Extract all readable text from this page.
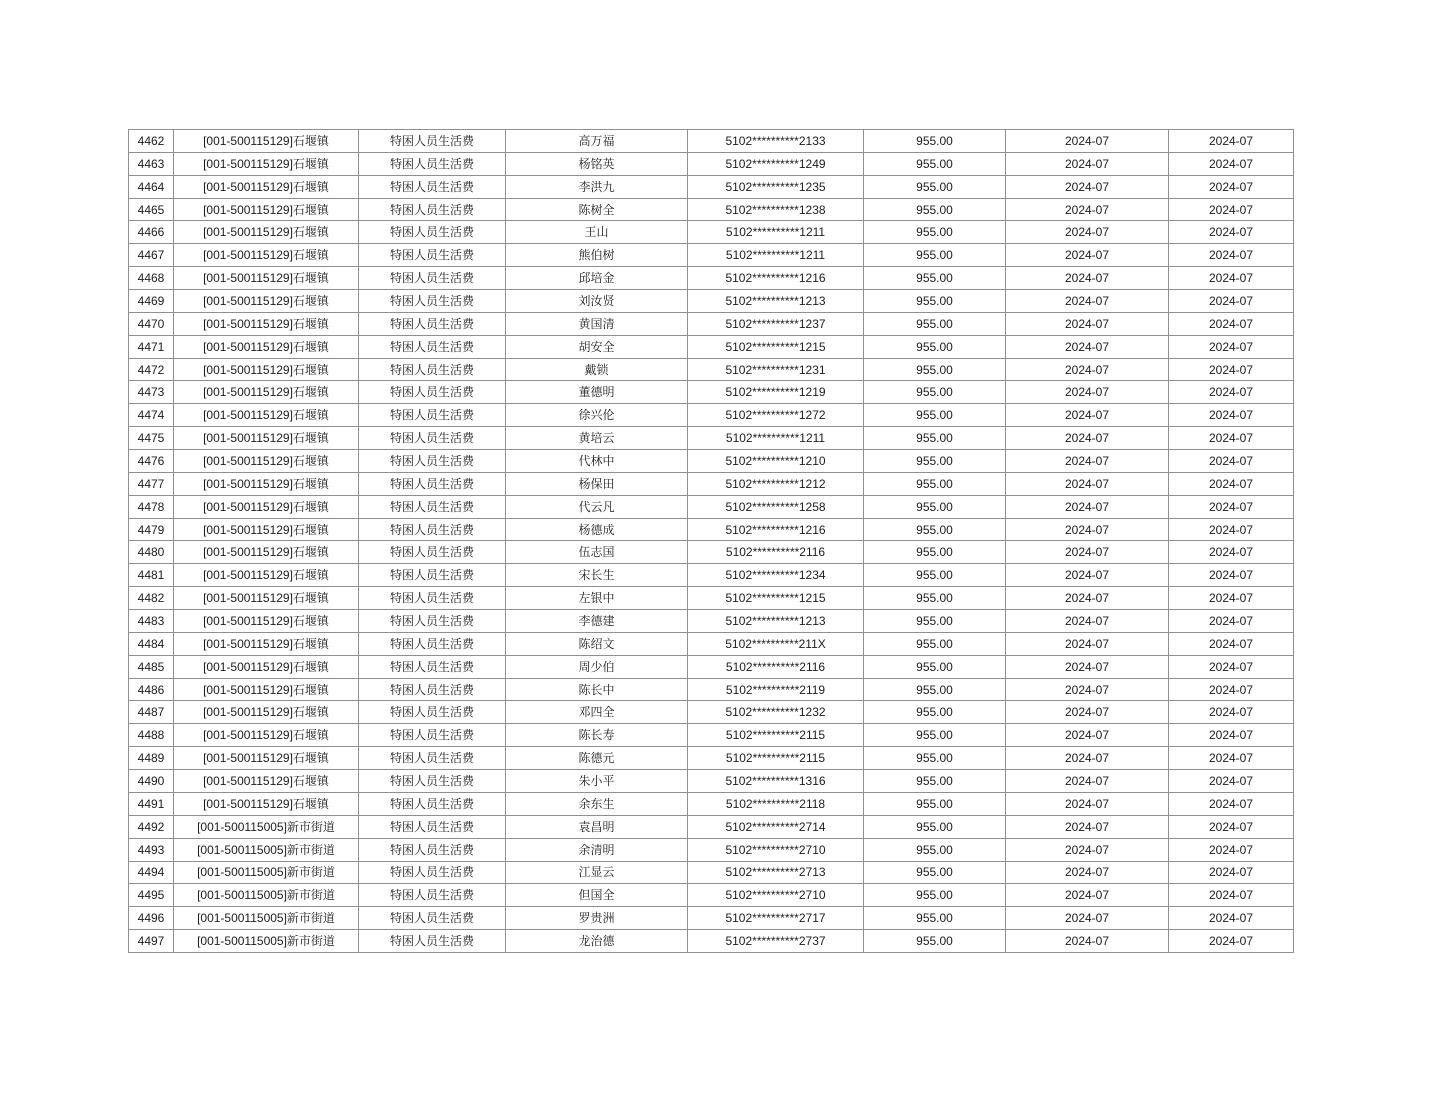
4462	[001-500115129]石堰镇	特困人员生活费	高万福	5102**********2133	955.00	2024-07	2024-07
4463	[001-500115129]石堰镇	特困人员生活费	杨铭英	5102**********1249	955.00	2024-07	2024-07
4464	[001-500115129]石堰镇	特困人员生活费	李洪九	5102**********1235	955.00	2024-07	2024-07
4465	[001-500115129]石堰镇	特困人员生活费	陈树全	5102**********1238	955.00	2024-07	2024-07
4466	[001-500115129]石堰镇	特困人员生活费	王山	5102**********1211	955.00	2024-07	2024-07
4467	[001-500115129]石堰镇	特困人员生活费	熊伯树	5102**********1211	955.00	2024-07	2024-07
4468	[001-500115129]石堰镇	特困人员生活费	邱培金	5102**********1216	955.00	2024-07	2024-07
4469	[001-500115129]石堰镇	特困人员生活费	刘汝贤	5102**********1213	955.00	2024-07	2024-07
4470	[001-500115129]石堰镇	特困人员生活费	黄国清	5102**********1237	955.00	2024-07	2024-07
4471	[001-500115129]石堰镇	特困人员生活费	胡安全	5102**********1215	955.00	2024-07	2024-07
4472	[001-500115129]石堰镇	特困人员生活费	戴锁	5102**********1231	955.00	2024-07	2024-07
4473	[001-500115129]石堰镇	特困人员生活费	董德明	5102**********1219	955.00	2024-07	2024-07
4474	[001-500115129]石堰镇	特困人员生活费	徐兴伦	5102**********1272	955.00	2024-07	2024-07
4475	[001-500115129]石堰镇	特困人员生活费	黄培云	5102**********1211	955.00	2024-07	2024-07
4476	[001-500115129]石堰镇	特困人员生活费	代林中	5102**********1210	955.00	2024-07	2024-07
4477	[001-500115129]石堰镇	特困人员生活费	杨保田	5102**********1212	955.00	2024-07	2024-07
4478	[001-500115129]石堰镇	特困人员生活费	代云凡	5102**********1258	955.00	2024-07	2024-07
4479	[001-500115129]石堰镇	特困人员生活费	杨德成	5102**********1216	955.00	2024-07	2024-07
4480	[001-500115129]石堰镇	特困人员生活费	伍志国	5102**********2116	955.00	2024-07	2024-07
4481	[001-500115129]石堰镇	特困人员生活费	宋长生	5102**********1234	955.00	2024-07	2024-07
4482	[001-500115129]石堰镇	特困人员生活费	左银中	5102**********1215	955.00	2024-07	2024-07
4483	[001-500115129]石堰镇	特困人员生活费	李德建	5102**********1213	955.00	2024-07	2024-07
4484	[001-500115129]石堰镇	特困人员生活费	陈绍文	5102**********211X	955.00	2024-07	2024-07
4485	[001-500115129]石堰镇	特困人员生活费	周少伯	5102**********2116	955.00	2024-07	2024-07
4486	[001-500115129]石堰镇	特困人员生活费	陈长中	5102**********2119	955.00	2024-07	2024-07
4487	[001-500115129]石堰镇	特困人员生活费	邓四全	5102**********1232	955.00	2024-07	2024-07
4488	[001-500115129]石堰镇	特困人员生活费	陈长寿	5102**********2115	955.00	2024-07	2024-07
4489	[001-500115129]石堰镇	特困人员生活费	陈德元	5102**********2115	955.00	2024-07	2024-07
4490	[001-500115129]石堰镇	特困人员生活费	朱小平	5102**********1316	955.00	2024-07	2024-07
4491	[001-500115129]石堰镇	特困人员生活费	余东生	5102**********2118	955.00	2024-07	2024-07
4492	[001-500115005]新市街道	特困人员生活费	袁昌明	5102**********2714	955.00	2024-07	2024-07
4493	[001-500115005]新市街道	特困人员生活费	余清明	5102**********2710	955.00	2024-07	2024-07
4494	[001-500115005]新市街道	特困人员生活费	江显云	5102**********2713	955.00	2024-07	2024-07
4495	[001-500115005]新市街道	特困人员生活费	但国全	5102**********2710	955.00	2024-07	2024-07
4496	[001-500115005]新市街道	特困人员生活费	罗贵洲	5102**********2717	955.00	2024-07	2024-07
4497	[001-500115005]新市街道	特困人员生活费	龙治德	5102**********2737	955.00	2024-07	2024-07
